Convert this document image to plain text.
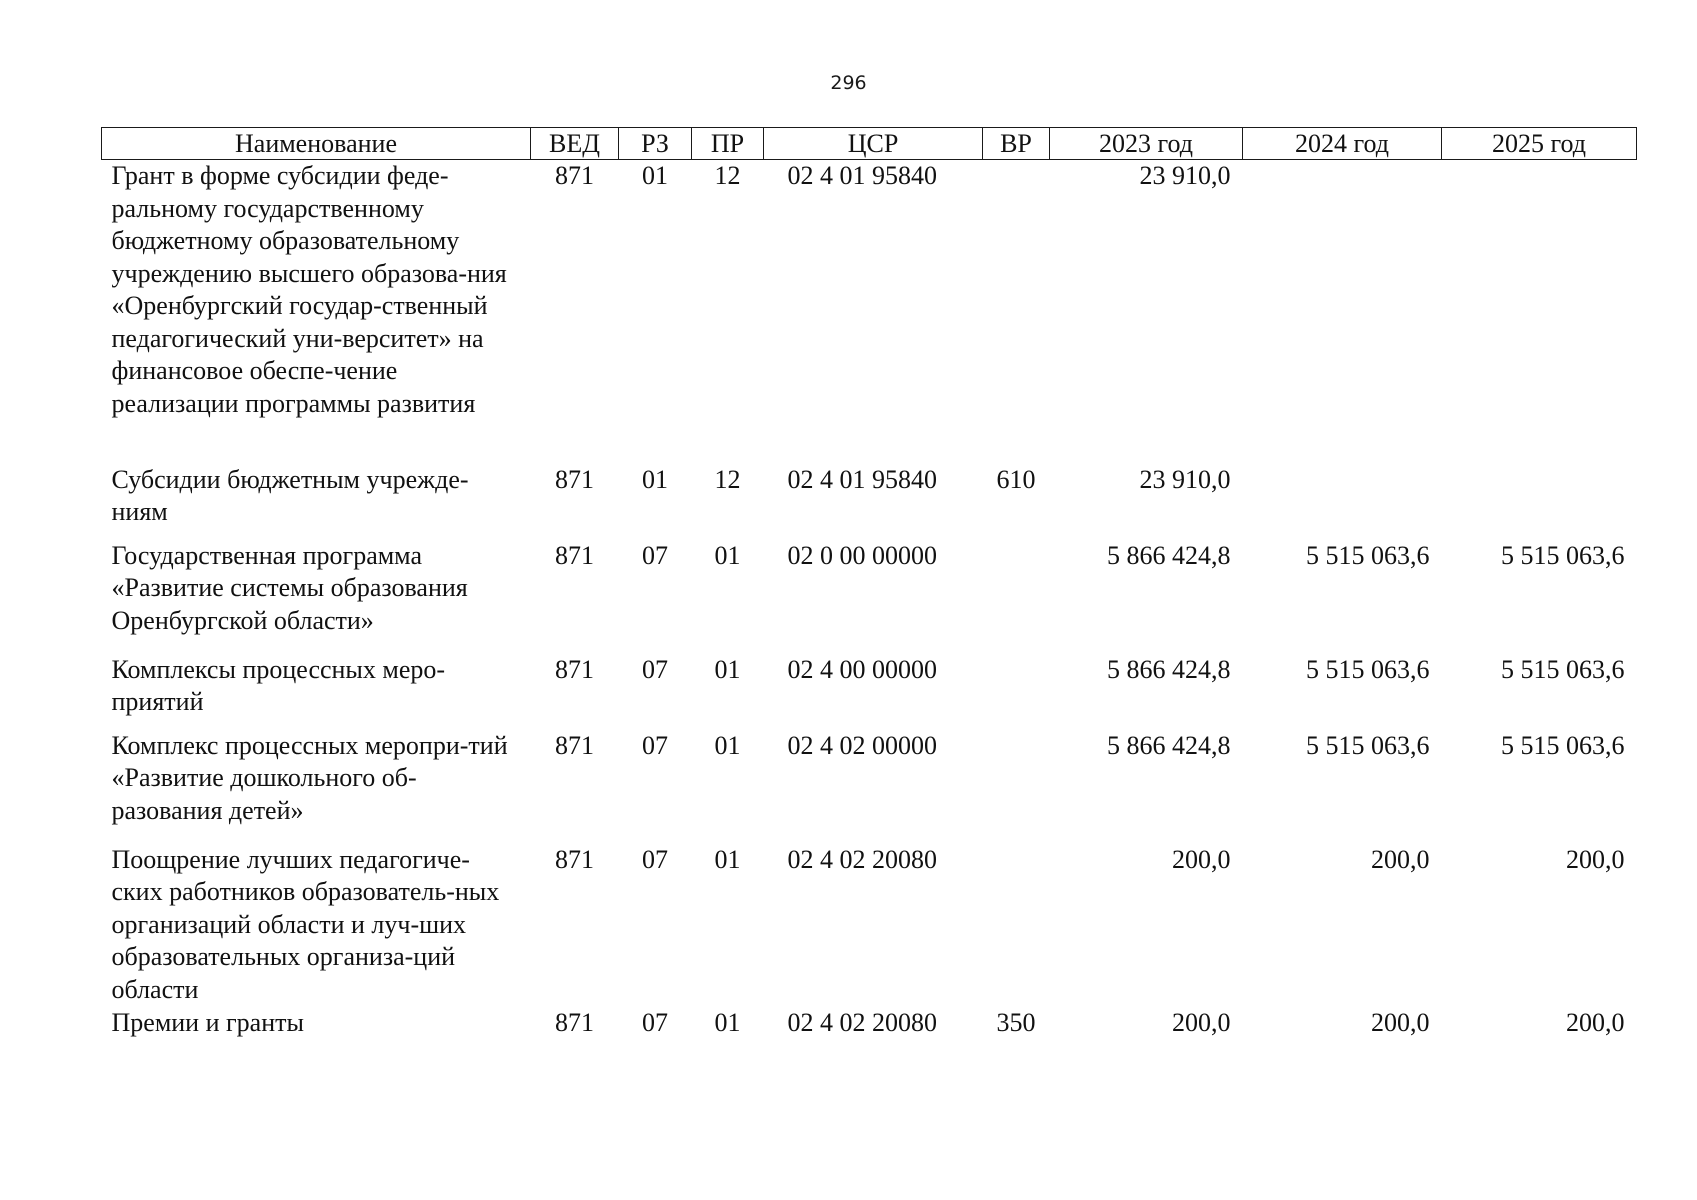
296
Наименование	ВЕД	РЗ	ПР	ЦСР	ВР	2023 год	2024 год	2025 год
Грант в форме субсидии феде-ральному государственному бюджетному образовательному учреждению высшего образова-ния «Оренбургский государ-ственный педагогический уни-верситет» на финансовое обеспе-чение реализации программы развития	871	01	12	02 4 01 95840		23 910,0		
Субсидии бюджетным учрежде-ниям	871	01	12	02 4 01 95840	610	23 910,0		
Государственная программа «Развитие системы образования Оренбургской области»	871	07	01	02 0 00 00000		5 866 424,8	5 515 063,6	5 515 063,6
Комплексы процессных меро-приятий	871	07	01	02 4 00 00000		5 866 424,8	5 515 063,6	5 515 063,6
Комплекс процессных меропри-тий «Развитие дошкольного об-разования детей»	871	07	01	02 4 02 00000		5 866 424,8	5 515 063,6	5 515 063,6
Поощрение лучших педагогиче-ских работников образователь-ных организаций области и луч-ших образовательных организа-ций области	871	07	01	02 4 02 20080		200,0	200,0	200,0
Премии и гранты	871	07	01	02 4 02 20080	350	200,0	200,0	200,0
